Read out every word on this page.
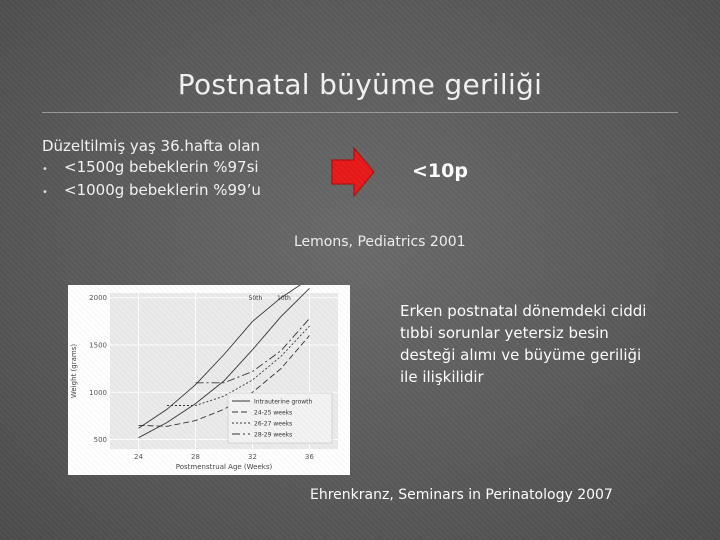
Postnatal büyüme geriliği
Düzeltilmiş yaş 36.hafta olan
•	<1500g bebeklerin %97si
•	<1000g bebeklerin %99’u
<10p
Lemons, Pediatrics 2001
24	28	32	36
500
1000
1500
2000
Postmenstrual Age (Weeks)
Weight (grams)
50th 10th
Intrauterine growth
24-25 weeks
26-27 weeks
28-29 weeks
Erken postnatal dönemdeki ciddi tıbbi sorunlar yetersiz besin desteği alımı ve büyüme geriliği ile ilişkilidir
Ehrenkranz, Seminars in Perinatology 2007
